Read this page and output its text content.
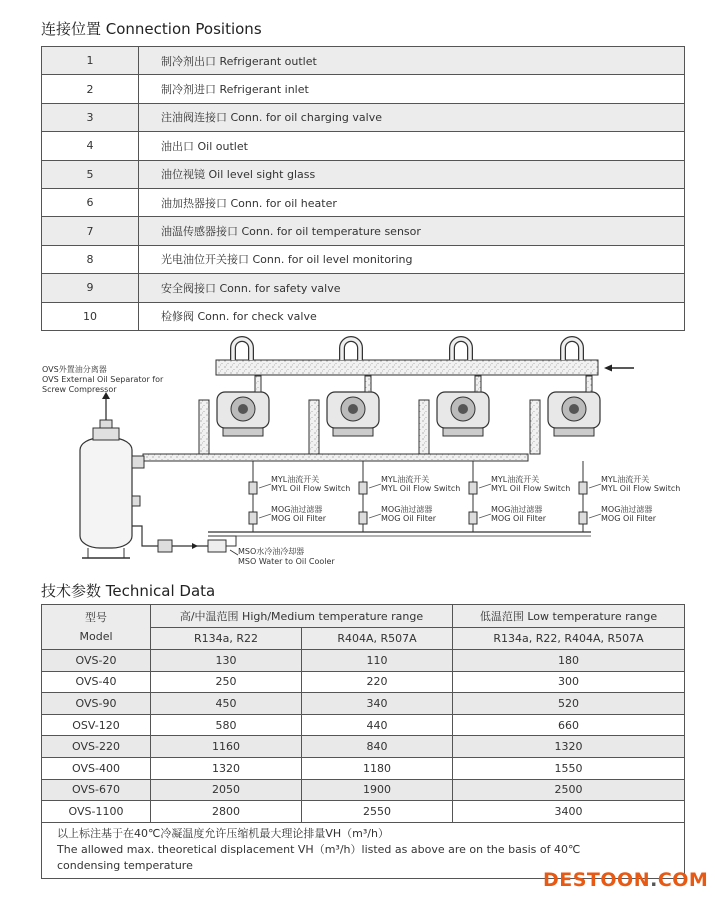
连接位置 Connection Positions
1	制冷剂出口 Refrigerant outlet
2	制冷剂进口 Refrigerant inlet
3	注油阀连接口 Conn. for oil charging valve
4	油出口 Oil outlet
5	油位视镜 Oil level sight glass
6	油加热器接口 Conn. for oil heater
7	油温传感器接口 Conn. for oil temperature sensor
8	光电油位开关接口 Conn. for oil level monitoring
9	安全阀接口 Conn. for safety valve
10	检修阀 Conn. for check valve
MYL油流开关
MYL Oil Flow Switch
MOG油过滤器
MOG Oil Filter
MYL油流开关
MYL Oil Flow Switch
MOG油过滤器
MOG Oil Filter
MYL油流开关
MYL Oil Flow Switch
MOG油过滤器
MOG Oil Filter
MYL油流开关
MYL Oil Flow Switch
MOG油过滤器
MOG Oil Filter
OVS外置油分离器
OVS External Oil Separator for
Screw Compressor
MSO水冷油冷却器
MSO Water to Oil Cooler
技术参数 Technical Data
型号
Model	高/中温范围 High/Medium temperature range		低温范围 Low temperature range
	R134a, R22	R404A, R507A	R134a, R22, R404A, R507A
OVS-20	130	110	180
OVS-40	250	220	300
OVS-90	450	340	520
OSV-120	580	440	660
OVS-220	1160	840	1320
OVS-400	1320	1180	1550
OVS-670	2050	1900	2500
OVS-1100	2800	2550	3400

以上标注基于在40℃冷凝温度允许压缩机最大理论排量VH（m³/h）
The allowed max. theoretical displacement VH（m³/h）listed as above are on the basis of 40℃ condensing temperature			
DESTOON.COM
